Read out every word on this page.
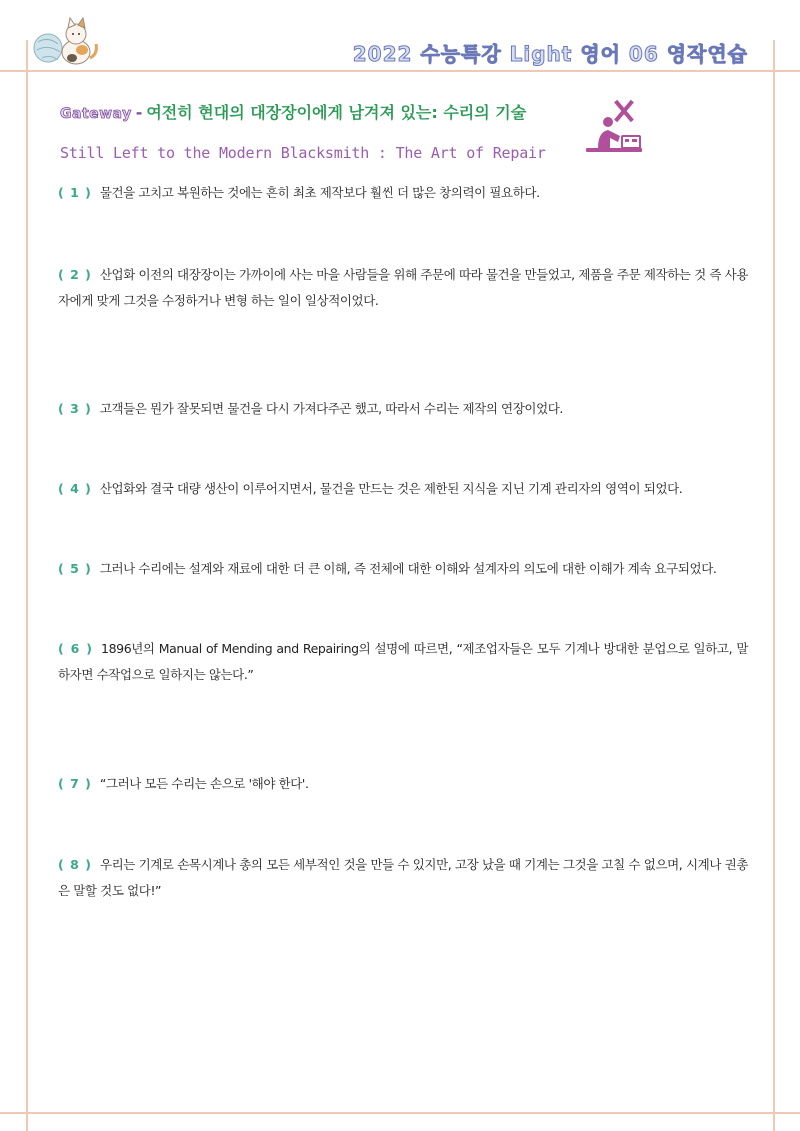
2022 수능특강 Light 영어 06 영작연습
Gateway - 여전히 현대의 대장장이에게 남겨져 있는: 수리의 기술
Still Left to the Modern Blacksmith : The Art of Repair
( 1 ) 물건을 고치고 복원하는 것에는 흔히 최초 제작보다 훨씬 더 많은 창의력이 필요하다.
( 2 ) 산업화 이전의 대장장이는 가까이에 사는 마을 사람들을 위해 주문에 따라 물건을 만들었고, 제품을 주문 제작하는 것 즉 사용자에게 맞게 그것을 수정하거나 변형 하는 일이 일상적이었다.
( 3 ) 고객들은 뭔가 잘못되면 물건을 다시 가져다주곤 했고, 따라서 수리는 제작의 연장이었다.
( 4 ) 산업화와 결국 대량 생산이 이루어지면서, 물건을 만드는 것은 제한된 지식을 지닌 기계 관리자의 영역이 되었다.
( 5 ) 그러나 수리에는 설계와 재료에 대한 더 큰 이해, 즉 전체에 대한 이해와 설계자의 의도에 대한 이해가 계속 요구되었다.
( 6 ) 1896년의 Manual of Mending and Repairing의 설명에 따르면, “제조업자들은 모두 기계나 방대한 분업으로 일하고, 말하자면 수작업으로 일하지는 않는다.”
( 7 ) “그러나 모든 수리는 손으로 '해야 한다'.
( 8 ) 우리는 기계로 손목시계나 총의 모든 세부적인 것을 만들 수 있지만, 고장 났을 때 기계는 그것을 고칠 수 없으며, 시계나 권총은 말할 것도 없다!”
